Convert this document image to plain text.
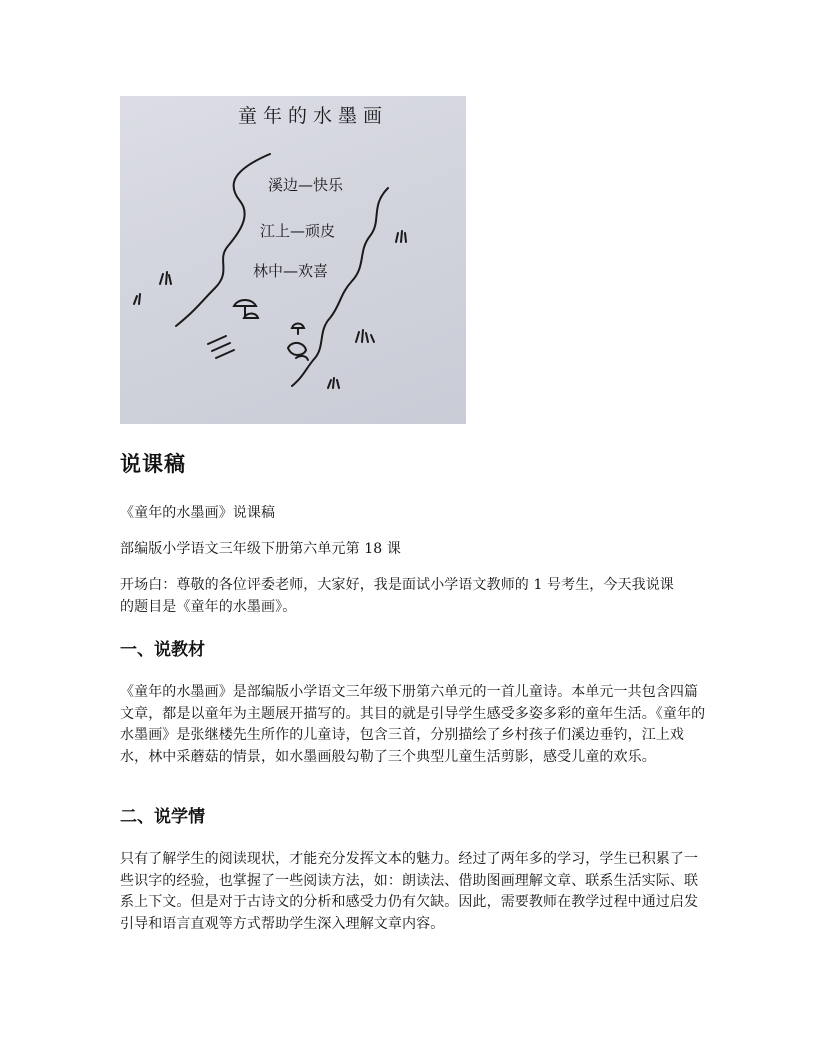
童年的水墨画
溪边—快乐
江上—顽皮
林中—欢喜
说课稿

《童年的水墨画》说课稿

部编版小学语文三年级下册第六单元第 18 课

开场白：尊敬的各位评委老师，大家好，我是面试小学语文教师的 1 号考生，今天我说课的题目是《童年的水墨画》。

一、说教材

《童年的水墨画》是部编版小学语文三年级下册第六单元的一首儿童诗。本单元一共包含四篇文章，都是以童年为主题展开描写的。其目的就是引导学生感受多姿多彩的童年生活。《童年的水墨画》是张继楼先生所作的儿童诗，包含三首，分别描绘了乡村孩子们溪边垂钓，江上戏水，林中采蘑菇的情景，如水墨画般勾勒了三个典型儿童生活剪影，感受儿童的欢乐。

二、说学情

只有了解学生的阅读现状，才能充分发挥文本的魅力。经过了两年多的学习，学生已积累了一些识字的经验，也掌握了一些阅读方法，如：朗读法、借助图画理解文章、联系生活实际、联系上下文。但是对于古诗文的分析和感受力仍有欠缺。因此，需要教师在教学过程中通过启发引导和语言直观等方式帮助学生深入理解文章内容。
